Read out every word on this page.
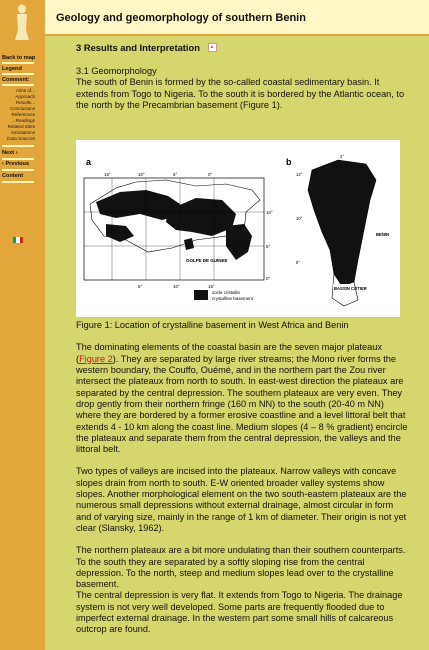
Back to map
Legend
Comment:
Aims of...
Approach
Results...
Conclusions
References
...Readings
Related Sites
Annotations
Data Sources
Next ›
‹ Previous
Content
Geology and geomorphology of southern Benin
3 Results and Interpretation

3.1 Geomorphology

The south of Benin is formed by the so-called coastal sedimentary basin. It extends from Togo to Nigeria. To the south it is bordered by the Atlantic ocean, to the north by the Precambrian basement (Figure 1).

a
15°	10°	5°	0°
5°	10°	15°
10°
5°
0°
GOLFE DE GUINEE
socle cristallin
crystalline basement
b
12°
10°
8°
2°
BASSIN COTIER
BENIN

Figure 1: Location of crystalline basement in West Africa and Benin

The dominating elements of the coastal basin are the seven major plateaux (Figure 2). They are separated by large river streams; the Mono river forms the western boundary, the Couffo, Ouémé, and in the northern part the Zou river intersect the plateaux from north to south. In east-west direction the plateaux are separated by the central depression. The southern plateaux are very even. They drop gently from their northern fringe (160 m NN) to the south (20-40 m NN) where they are bordered by a former erosive coastline and a level littoral belt that extends 4 - 10 km along the coast line. Medium slopes (4 – 8 % gradient) encircle the plateaux and separate them from the central depression, the valleys and the littoral belt.

Two types of valleys are incised into the plateaux. Narrow valleys with concave slopes drain from north to south. E-W oriented broader valley systems show slopes. Another morphological element on the two south-eastern plateaux are the numerous small depressions without external drainage, almost circular in form and of varying size, mainly in the range of 1 km of diameter. Their origin is not yet clear (Slansky, 1962).

The northern plateaux are a bit more undulating than their southern counterparts. To the south they are separated by a softly sloping rise from the central depression. To the north, steep and medium slopes lead over to the crystalline basement.

The central depression is very flat. It extends from Togo to Nigeria. The drainage system is not very well developed. Some parts are frequently flooded due to imperfect external drainage. In the western part some small hills of calcareous outcrop are found.
